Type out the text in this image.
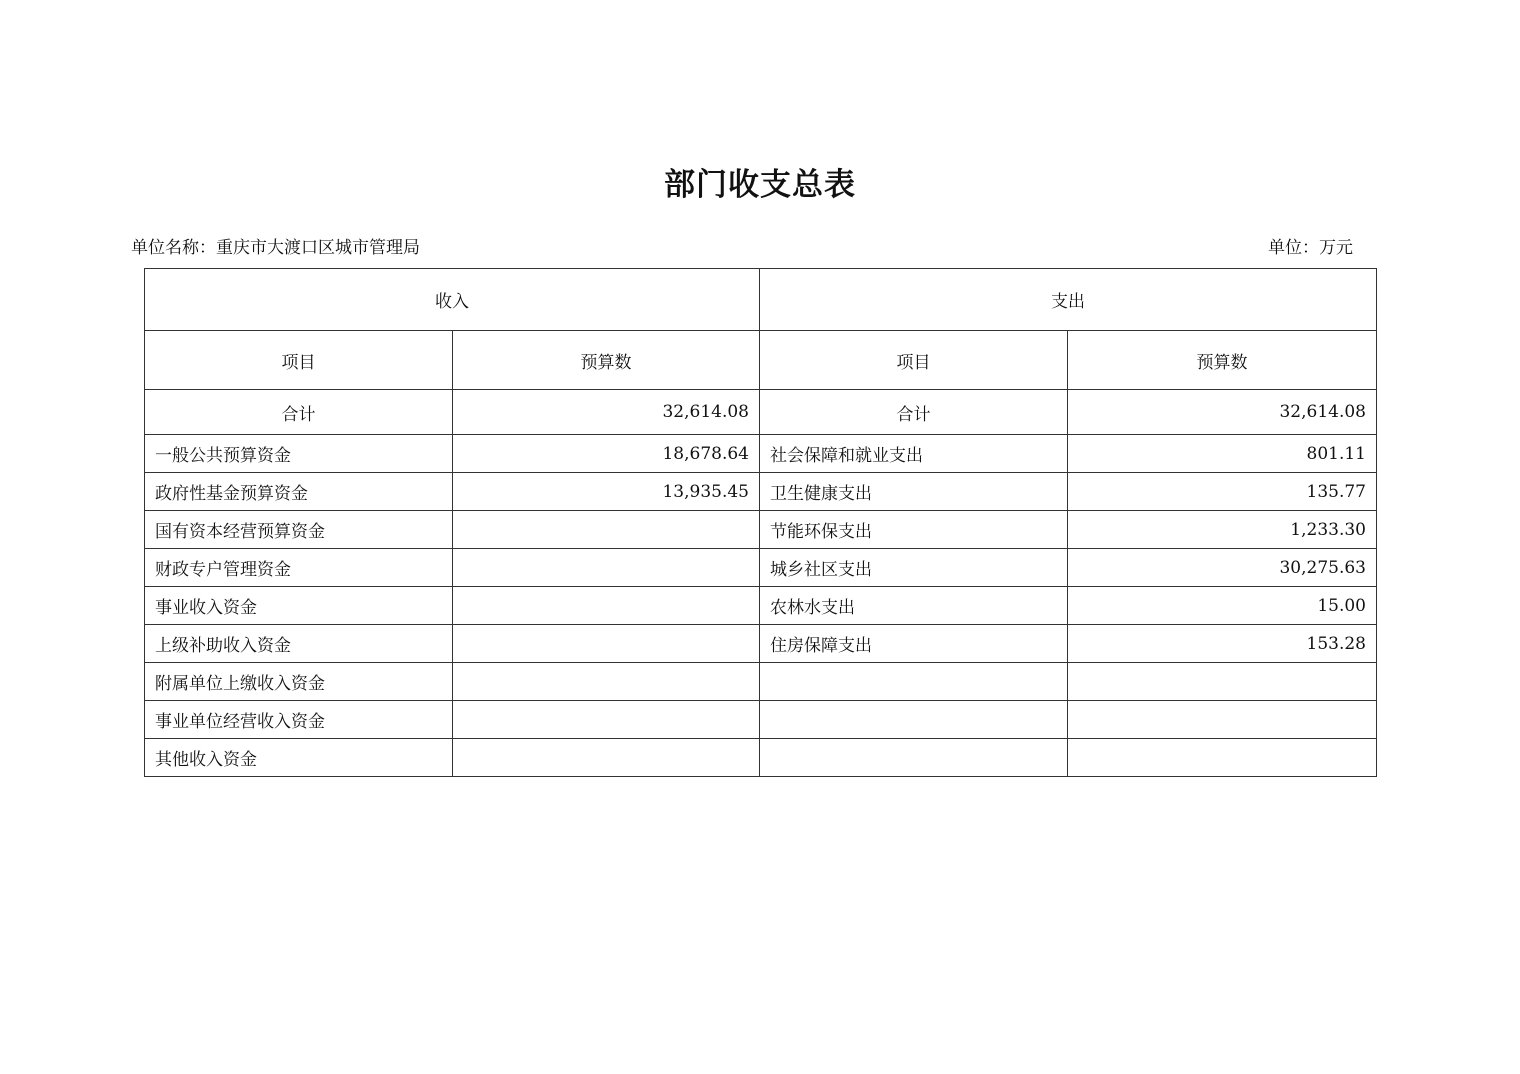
部门收支总表
单位名称：重庆市大渡口区城市管理局	单位：万元
收入		支出	
项目	预算数	项目	预算数
合计	32,614.08	合计	32,614.08
一般公共预算资金	18,678.64	社会保障和就业支出	801.11
政府性基金预算资金	13,935.45	卫生健康支出	135.77
国有资本经营预算资金		节能环保支出	1,233.30
财政专户管理资金		城乡社区支出	30,275.63
事业收入资金		农林水支出	15.00
上级补助收入资金		住房保障支出	153.28
附属单位上缴收入资金			
事业单位经营收入资金			
其他收入资金			
